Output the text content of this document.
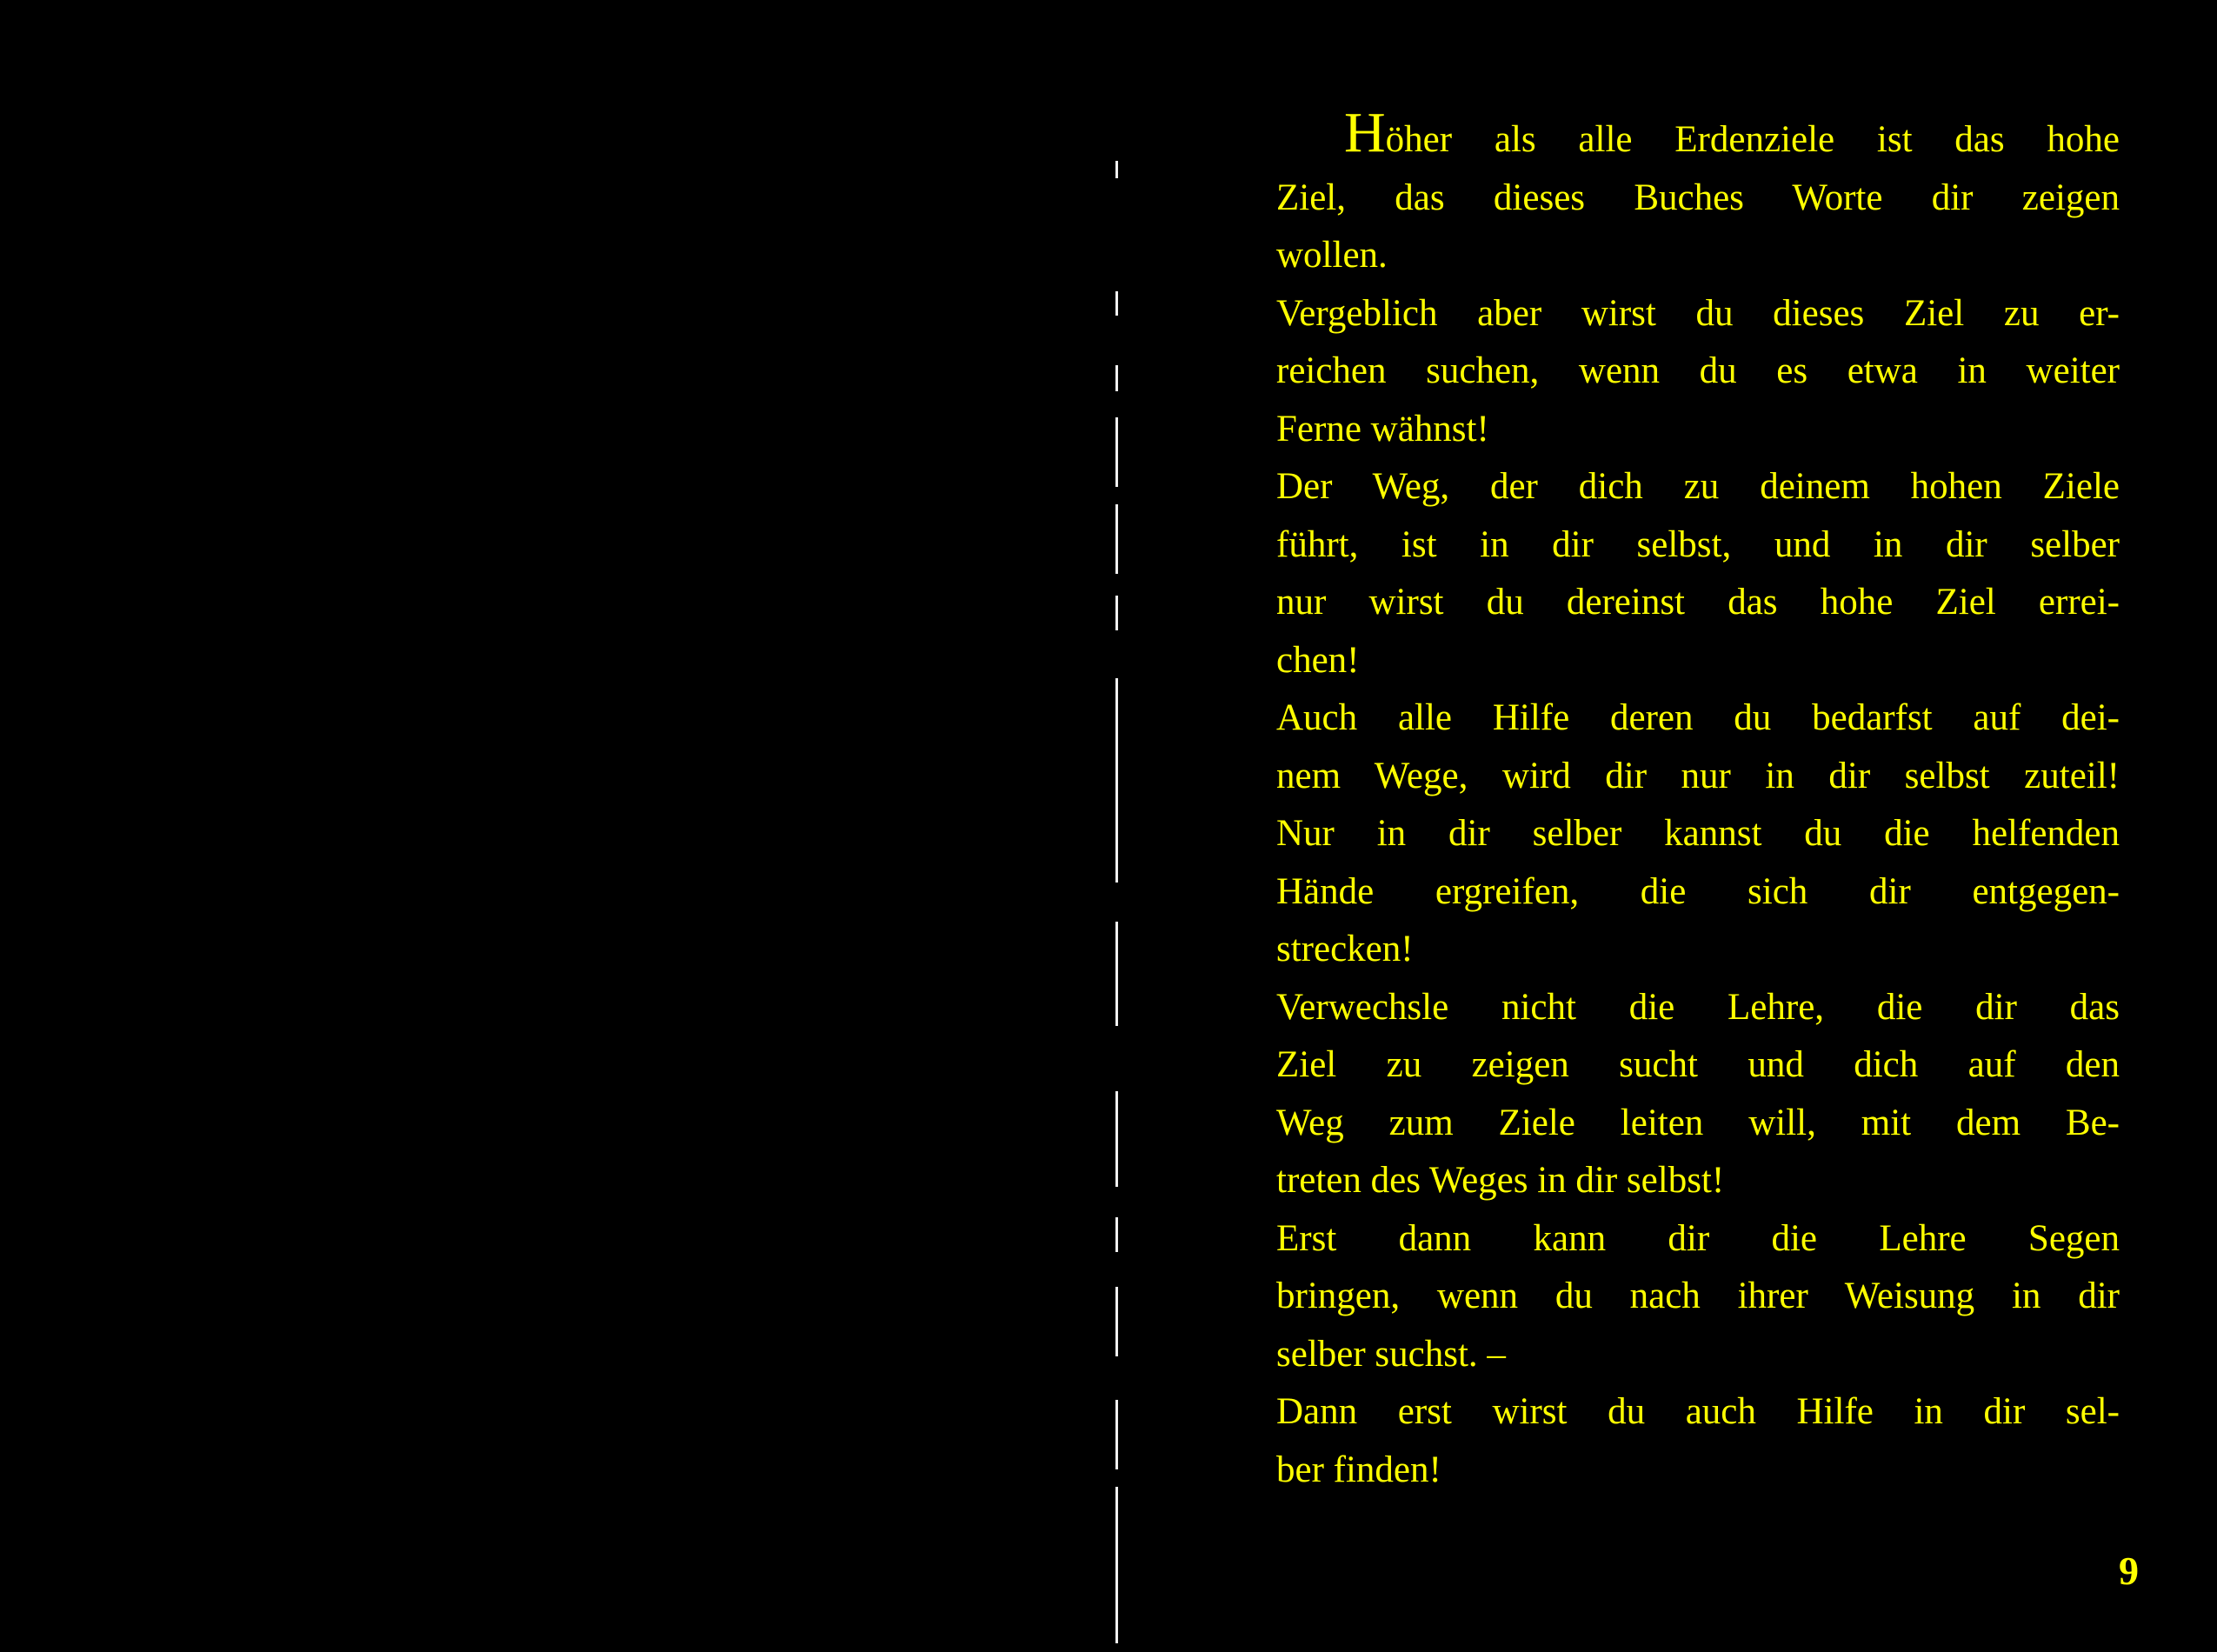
Höher als alle Erdenziele ist das hohe
Ziel, das dieses Buches Worte dir zeigen
wollen.
Vergeblich aber wirst du dieses Ziel zu er-
reichen suchen, wenn du es etwa in weiter
Ferne wähnst!
Der Weg, der dich zu deinem hohen Ziele
führt, ist in dir selbst, und in dir selber
nur wirst du dereinst das hohe Ziel errei-
chen!
Auch alle Hilfe deren du bedarfst auf dei-
nem Wege, wird dir nur in dir selbst zuteil!
Nur in dir selber kannst du die helfenden
Hände ergreifen, die sich dir entgegen-
strecken!
Verwechsle nicht die Lehre, die dir das
Ziel zu zeigen sucht und dich auf den
Weg zum Ziele leiten will, mit dem Be-
treten des Weges in dir selbst!
Erst dann kann dir die Lehre Segen
bringen, wenn du nach ihrer Weisung in dir
selber suchst. –
Dann erst wirst du auch Hilfe in dir sel-
ber finden!
9
